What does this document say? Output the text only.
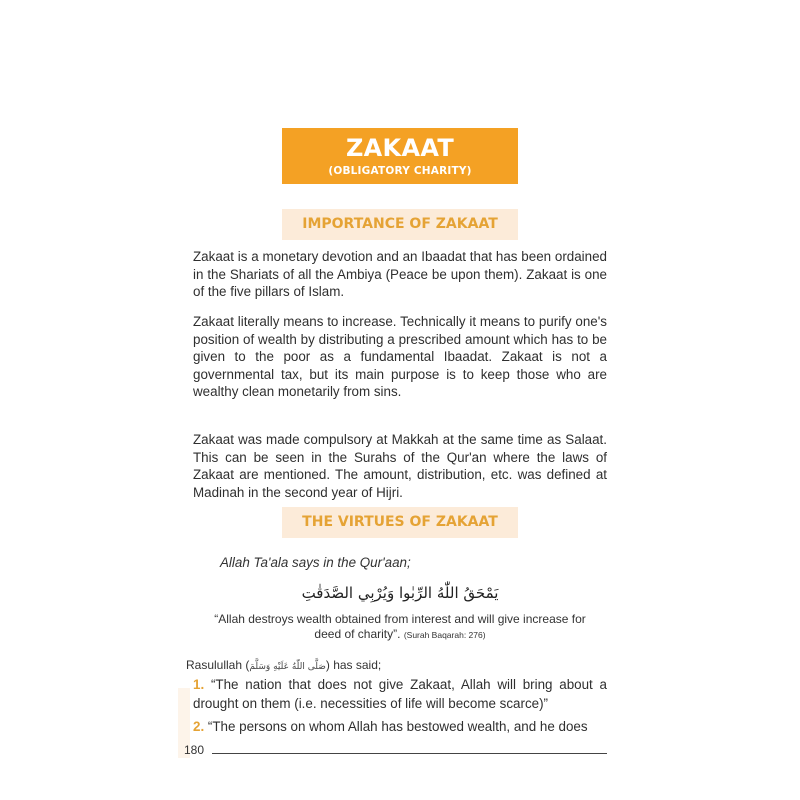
ZAKAAT
(OBLIGATORY CHARITY)
IMPORTANCE OF ZAKAAT
Zakaat is a monetary devotion and an Ibaadat that has been ordained in the Shariats of all the Ambiya (Peace be upon them). Zakaat is one of the five pillars of Islam.
Zakaat literally means to increase. Technically it means to purify one's position of wealth by distributing a prescribed amount which has to be given to the poor as a fundamental Ibaadat. Zakaat is not a governmental tax, but its main purpose is to keep those who are wealthy clean monetarily from sins.
Zakaat was made compulsory at Makkah at the same time as Salaat. This can be seen in the Surahs of the Qur'an where the laws of Zakaat are mentioned. The amount, distribution, etc. was defined at Madinah in the second year of Hijri.
THE VIRTUES OF ZAKAAT
Allah Ta'ala says in the Qur'aan;
يَمْحَقُ اللّٰهُ الرِّبٰوا وَيُرْبِي الصَّدَقٰتِ
“Allah destroys wealth obtained from interest and will give increase for deed of charity”. (Surah Baqarah: 276)
Rasulullah (صَلَّى اللّٰهُ عَلَيْهِ وَسَلَّمَ) has said;
1. “The nation that does not give Zakaat, Allah will bring about a drought on them (i.e. necessities of life will become scarce)”
2. “The persons on whom Allah has bestowed wealth, and he does
180
